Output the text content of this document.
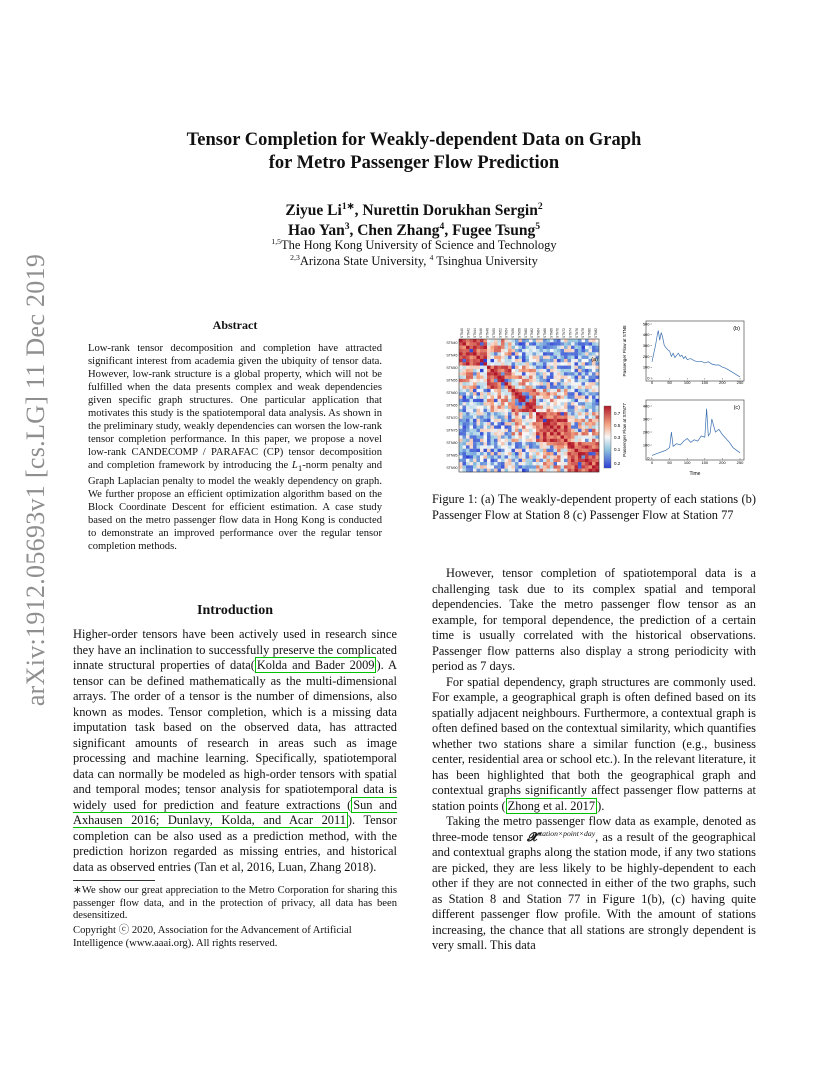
arXiv:1912.05693v1 [cs.LG] 11 Dec 2019
Tensor Completion for Weakly-dependent Data on Graph
for Metro Passenger Flow Prediction
Ziyue $Li^{1∗}$, Nurettin Dorukhan Sergin$^2$
Hao Yan$^3$, Chen Zhang$^4$, Fugee Tsung$^5$
$^{1,5}$The Hong Kong University of Science and Technology
$^{2,3}$Arizona State University, $^4$ Tsinghua University
Abstract

Low-rank tensor decomposition and completion have attracted significant interest from academia given the ubiquity of tensor data. However, low-rank structure is a global property, which will not be fulfilled when the data presents complex and weak dependencies given specific graph structures. One particular application that motivates this study is the spatiotemporal data analysis. As shown in the preliminary study, weakly dependencies can worsen the low-rank tensor completion performance. In this paper, we propose a novel low-rank CANDECOMP / PARAFAC (CP) tensor decomposition and completion framework by introducing the $L_1$-norm penalty and Graph Laplacian penalty to model the weakly dependency on graph. We further propose an efficient optimization algorithm based on the Block Coordinate Descent for efficient estimation. A case study based on the metro passenger flow data in Hong Kong is conducted to demonstrate an improved performance over the regular tensor completion methods.

Introduction

Higher-order tensors have been actively used in research since they have an inclination to successfully preserve the complicated innate structural properties of data( Kolda and Bader 2009 ). A tensor can be defined mathematically as the multi-dimensional arrays. The order of a tensor is the number of dimensions, also known as modes. Tensor completion, which is a missing data imputation task based on the observed data, has attracted significant amounts of research in areas such as image processing and machine learning. Specifically, spatiotemporal data can normally be modeled as high-order tensors with spatial and temporal modes; tensor analysis for spatiotemporal data is widely used for prediction and feature extractions ( Sun and Axhausen 2016; Dunlavy, Kolda, and Acar 2011 ). Tensor completion can be also used as a prediction method, with the prediction horizon regarded as missing entries, and historical data as observed entries (Tan et al, 2016, Luan, Zhang 2018).

∗We show our great appreciation to the Metro Corporation for sharing this passenger flow data, and in the protection of privacy, all data has been desensitized.

Copyright ⓒ 2020, Association for the Advancement of Artificial Intelligence (www.aaai.org). All rights reserved.

(a)
STN40
STN45
STN50
STN55
STN60
STN65
STN70
STN75
STN80
STN85
STN90
STN40 STN42 STN44 STN46 STN48 STN50 STN52 STN54 STN56 STN58 STN60 STN62 STN64 STN66 STN68 STN70 STN72 STN74 STN76 STN78 STN80 STN82
0.7
0.5
0.3
0.1
0.2
(b)
Passenger Flow at STN8
500
400
300
200
100
0
0	50	100	150	200	250
(c)
Passenger Flow at STN77	400
300
200
100
0
0	50	100	150	200	250
Time

Figure 1: (a) The weakly-dependent property of each stations (b) Passenger Flow at Station 8 (c) Passenger Flow at Station 77

However, tensor completion of spatiotemporal data is a challenging task due to its complex spatial and temporal dependencies. Take the metro passenger flow tensor as an example, for temporal dependence, the prediction of a certain time is usually correlated with the historical observations. Passenger flow patterns also display a strong periodicity with period as 7 days.

For spatial dependency, graph structures are commonly used. For example, a geographical graph is often defined based on its spatially adjacent neighbours. Furthermore, a contextual graph is often defined based on the contextual similarity, which quantifies whether two stations share a similar function (e.g., business center, residential area or school etc.). In the relevant literature, it has been highlighted that both the geographical graph and contextual graphs significantly affect passenger flow patterns at station points ( Zhong et al. 2017 ).

Taking the metro passenger flow data as example, denoted as three-mode tensor 𝓧$^{station\times point\times day}$, as a result of the geographical and contextual graphs along the station mode, if any two stations are picked, they are less likely to be highly-dependent to each other if they are not connected in either of the two graphs, such as Station 8 and Station 77 in Figure 1(b), (c) having quite different passenger flow profile. With the amount of stations increasing, the chance that all stations are strongly dependent is very small. This data
